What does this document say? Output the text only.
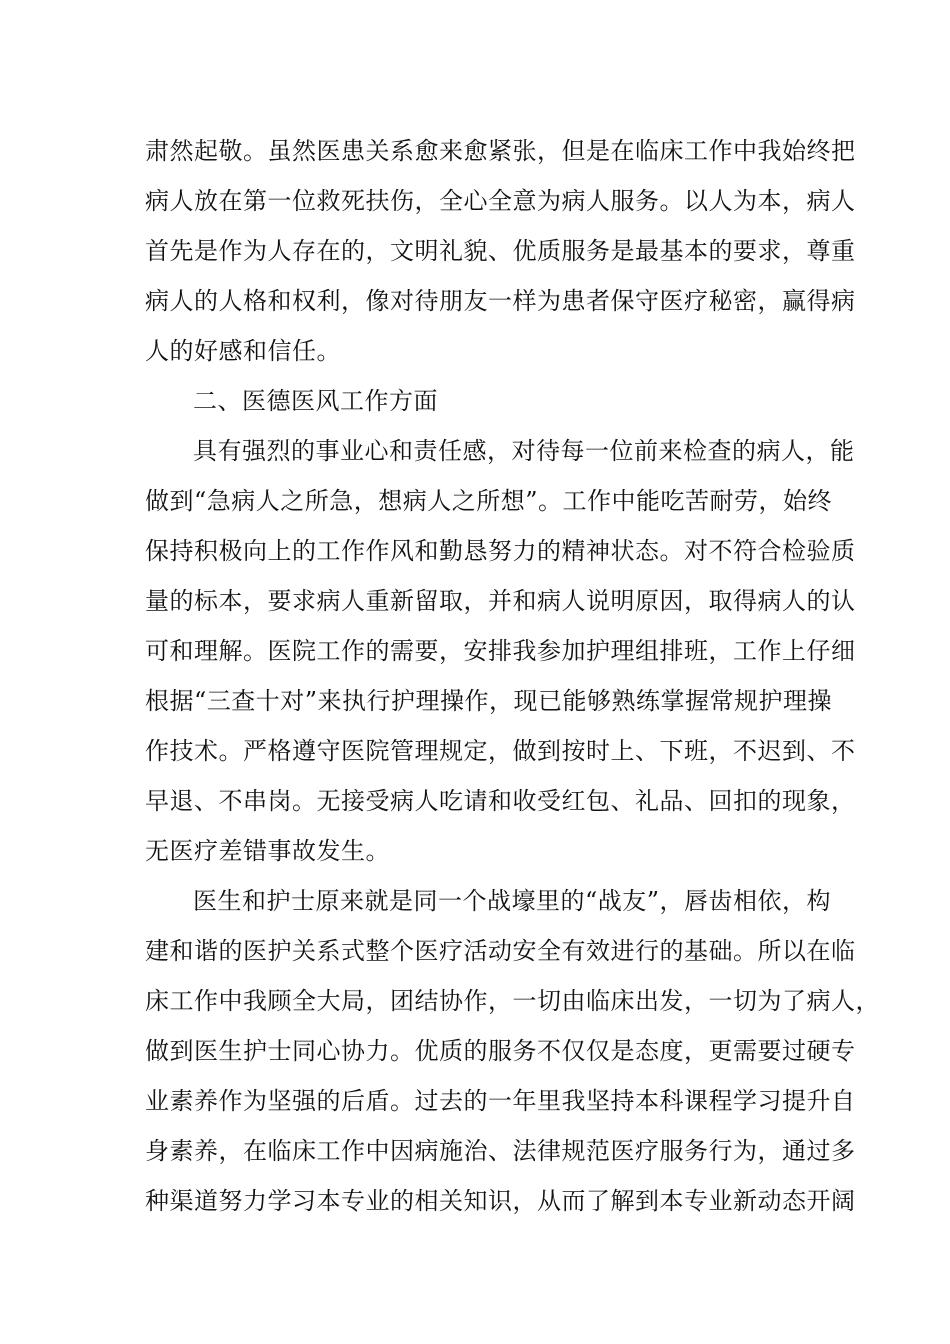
肃然起敬。虽然医患关系愈来愈紧张，但是在临床工作中我始终把
病人放在第一位救死扶伤，全心全意为病人服务。以人为本，病人
首先是作为人存在的，文明礼貌、优质服务是最基本的要求，尊重
病人的人格和权利，像对待朋友一样为患者保守医疗秘密，赢得病
人的好感和信任。
二、医德医风工作方面
具有强烈的事业心和责任感，对待每一位前来检查的病人，能
做到“急病人之所急，想病人之所想”。工作中能吃苦耐劳，始终
保持积极向上的工作作风和勤恳努力的精神状态。对不符合检验质
量的标本，要求病人重新留取，并和病人说明原因，取得病人的认
可和理解。医院工作的需要，安排我参加护理组排班，工作上仔细
根据“三查十对”来执行护理操作，现已能够熟练掌握常规护理操
作技术。严格遵守医院管理规定，做到按时上、下班，不迟到、不
早退、不串岗。无接受病人吃请和收受红包、礼品、回扣的现象，
无医疗差错事故发生。
医生和护士原来就是同一个战壕里的“战友”，唇齿相依，构
建和谐的医护关系式整个医疗活动安全有效进行的基础。所以在临
床工作中我顾全大局，团结协作，一切由临床出发，一切为了病人，
做到医生护士同心协力。优质的服务不仅仅是态度，更需要过硬专
业素养作为坚强的后盾。过去的一年里我坚持本科课程学习提升自
身素养，在临床工作中因病施治、法律规范医疗服务行为，通过多
种渠道努力学习本专业的相关知识，从而了解到本专业新动态开阔
